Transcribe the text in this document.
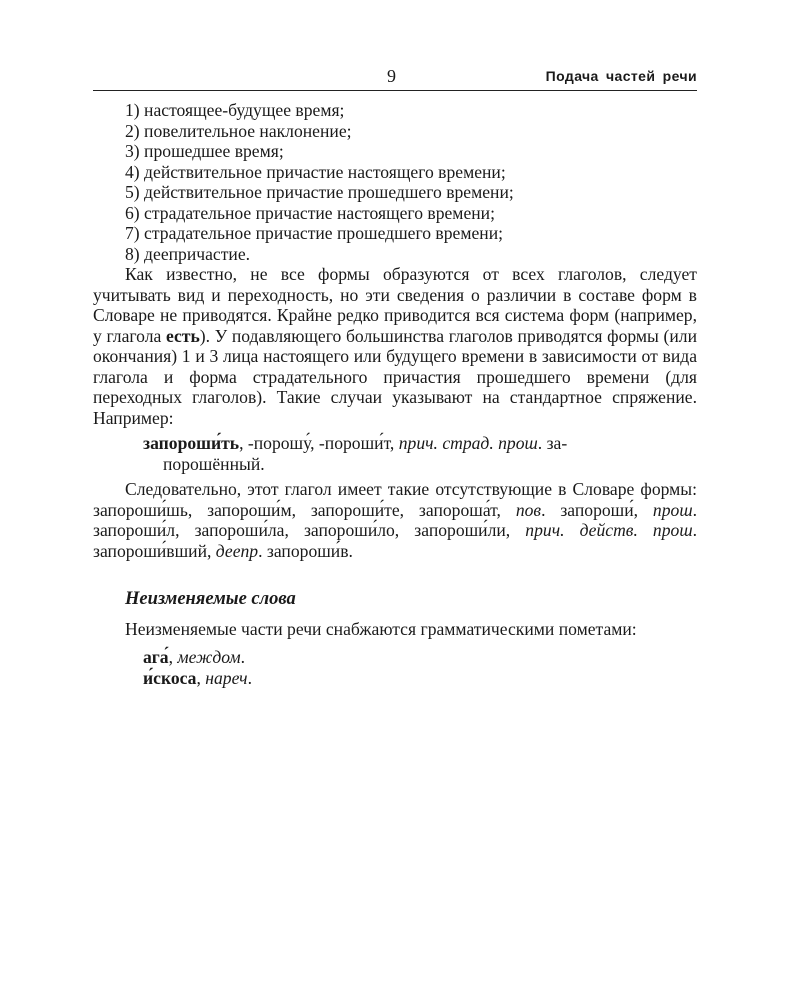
9	Подача частей речи
1) настоящее-будущее время;
2) повелительное наклонение;
3) прошедшее время;
4) действительное причастие настоящего времени;
5) действительное причастие прошедшего времени;
6) страдательное причастие настоящего времени;
7) страдательное причастие прошедшего времени;
8) деепричастие.

Как известно, не все формы образуются от всех глаголов, следует учитывать вид и переходность, но эти сведения о различии в составе форм в Словаре не приводятся. Крайне редко приводится вся система форм (например, у глагола есть). У подавляющего большинства глаголов приводятся формы (или окончания) 1 и 3 лица настоящего или будущего времени в зависимости от вида глагола и форма страдательного причастия прошедшего времени (для переходных глаголов). Такие случаи указывают на стандартное спряжение. Например:

запороши́ть, -порошу́, -пороши́т, прич. страд. прош. за-
порошённый.

Следовательно, этот глагол имеет такие отсутствующие в Словаре формы: запороши́шь, запороши́м, запороши́те, запороша́т, пов. запороши́, прош. запороши́л, запороши́ла, запороши́ло, запороши́ли, прич. действ. прош. запороши́вший, деепр. запороши́в.

Неизменяемые слова

Неизменяемые части речи снабжаются грамматическими пометами:

ага́, междом.
и́скоса, нареч.
